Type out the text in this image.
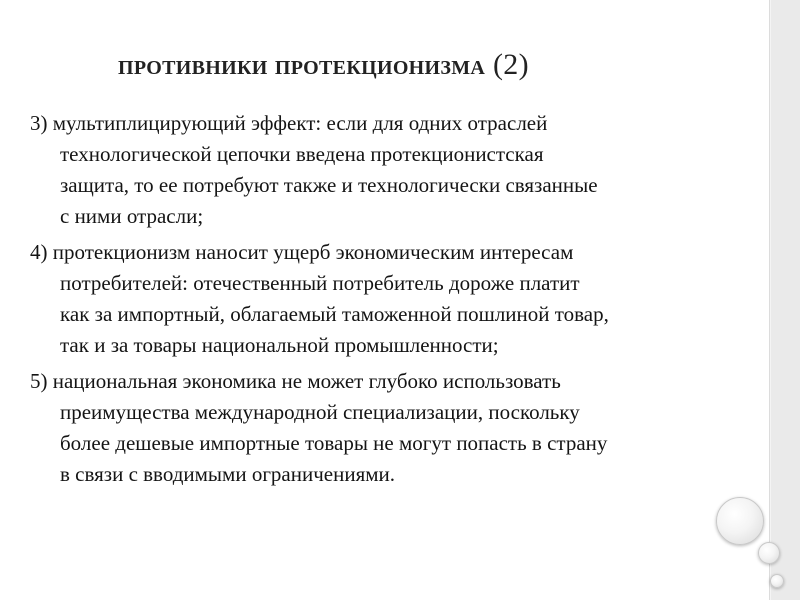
противники протекционизма (2)
3) мультиплицирующий эффект: если для одних отраслей
технологической цепочки введена протекционистская
защита, то ее потребуют также и технологически связанные
с ними отрасли;
4) протекционизм наносит ущерб экономическим интересам
потребителей: отечественный потребитель дороже платит
как за импортный, облагаемый таможенной пошлиной товар,
так и за товары национальной промышленности;
5) национальная экономика не может глубоко использовать
преимущества международной специализации, поскольку
более дешевые импортные товары не могут попасть в страну
в связи с вводимыми ограничениями.
